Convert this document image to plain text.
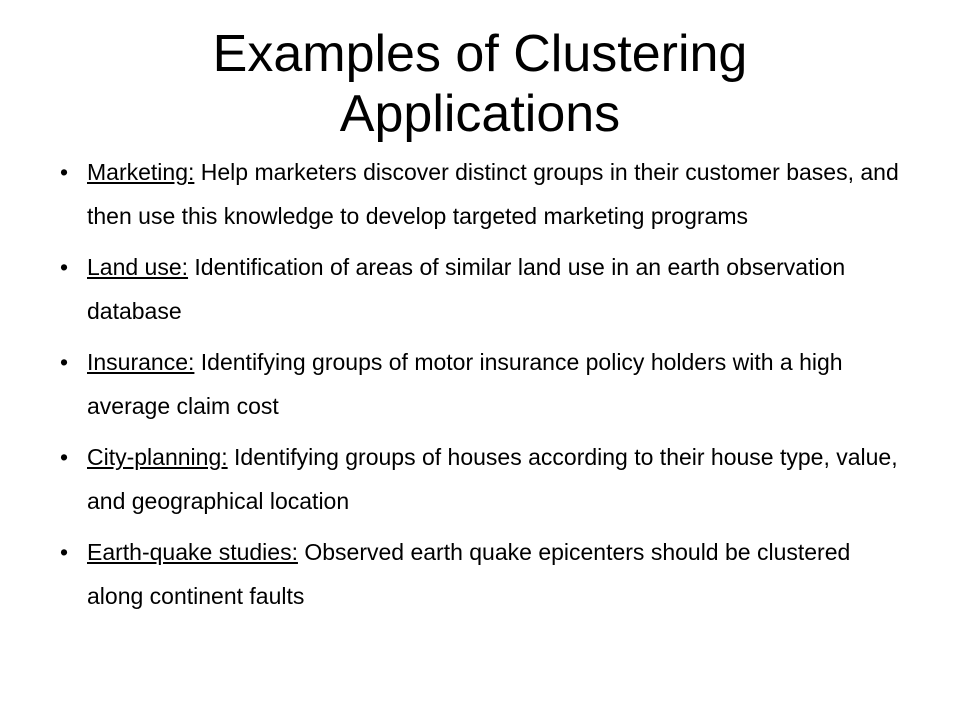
Examples of Clustering Applications
• Marketing: Help marketers discover distinct groups in their customer bases, and then use this knowledge to develop targeted marketing programs
• Land use: Identification of areas of similar land use in an earth observation database
• Insurance: Identifying groups of motor insurance policy holders with a high average claim cost
• City-planning: Identifying groups of houses according to their house type, value, and geographical location
• Earth-quake studies: Observed earth quake epicenters should be clustered along continent faults
